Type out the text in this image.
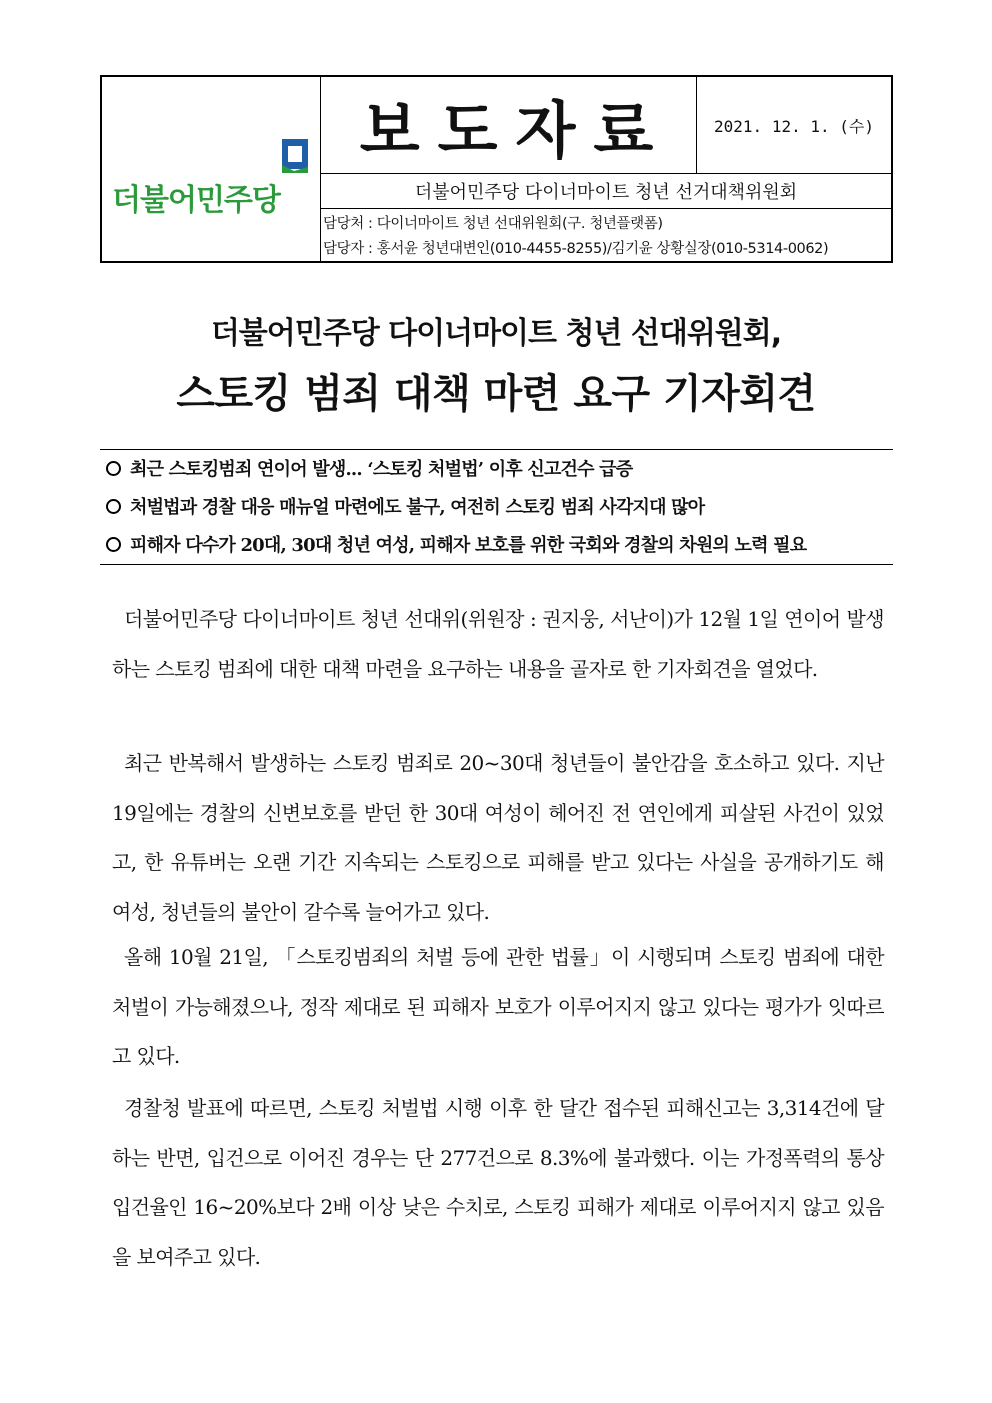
더불어민주당
보도자료	2021. 12. 1. (수)
더불어민주당 다이너마이트 청년 선거대책위원회
담당처 : 다이너마이트 청년 선대위원회(구. 청년플랫폼)
담당자 : 홍서윤 청년대변인(010-4455-8255)/김기윤 상황실장(010-5314-0062)
더불어민주당 다이너마이트 청년 선대위원회,
스토킹 범죄 대책 마련 요구 기자회견
최근 스토킹범죄 연이어 발생... ‘스토킹 처벌법’ 이후 신고건수 급증
처벌법과 경찰 대응 매뉴얼 마련에도 불구, 여전히 스토킹 범죄 사각지대 많아
피해자 다수가 20대, 30대 청년 여성, 피해자 보호를 위한 국회와 경찰의 차원의 노력 필요

더불어민주당 다이너마이트 청년 선대위(위원장 : 권지웅, 서난이)가 12월 1일 연이어 발생하는 스토킹 범죄에 대한 대책 마련을 요구하는 내용을 골자로 한 기자회견을 열었다.

최근 반복해서 발생하는 스토킹 범죄로 20~30대 청년들이 불안감을 호소하고 있다. 지난 19일에는 경찰의 신변보호를 받던 한 30대 여성이 헤어진 전 연인에게 피살된 사건이 있었고, 한 유튜버는 오랜 기간 지속되는 스토킹으로 피해를 받고 있다는 사실을 공개하기도 해 여성, 청년들의 불안이 갈수록 늘어가고 있다.

올해 10월 21일, 「스토킹범죄의 처벌 등에 관한 법률」이 시행되며 스토킹 범죄에 대한 처벌이 가능해졌으나, 정작 제대로 된 피해자 보호가 이루어지지 않고 있다는 평가가 잇따르고 있다.

경찰청 발표에 따르면, 스토킹 처벌법 시행 이후 한 달간 접수된 피해신고는 3,314건에 달하는 반면, 입건으로 이어진 경우는 단 277건으로 8.3%에 불과했다. 이는 가정폭력의 통상 입건율인 16~20%보다 2배 이상 낮은 수치로, 스토킹 피해가 제대로 이루어지지 않고 있음을 보여주고 있다.
